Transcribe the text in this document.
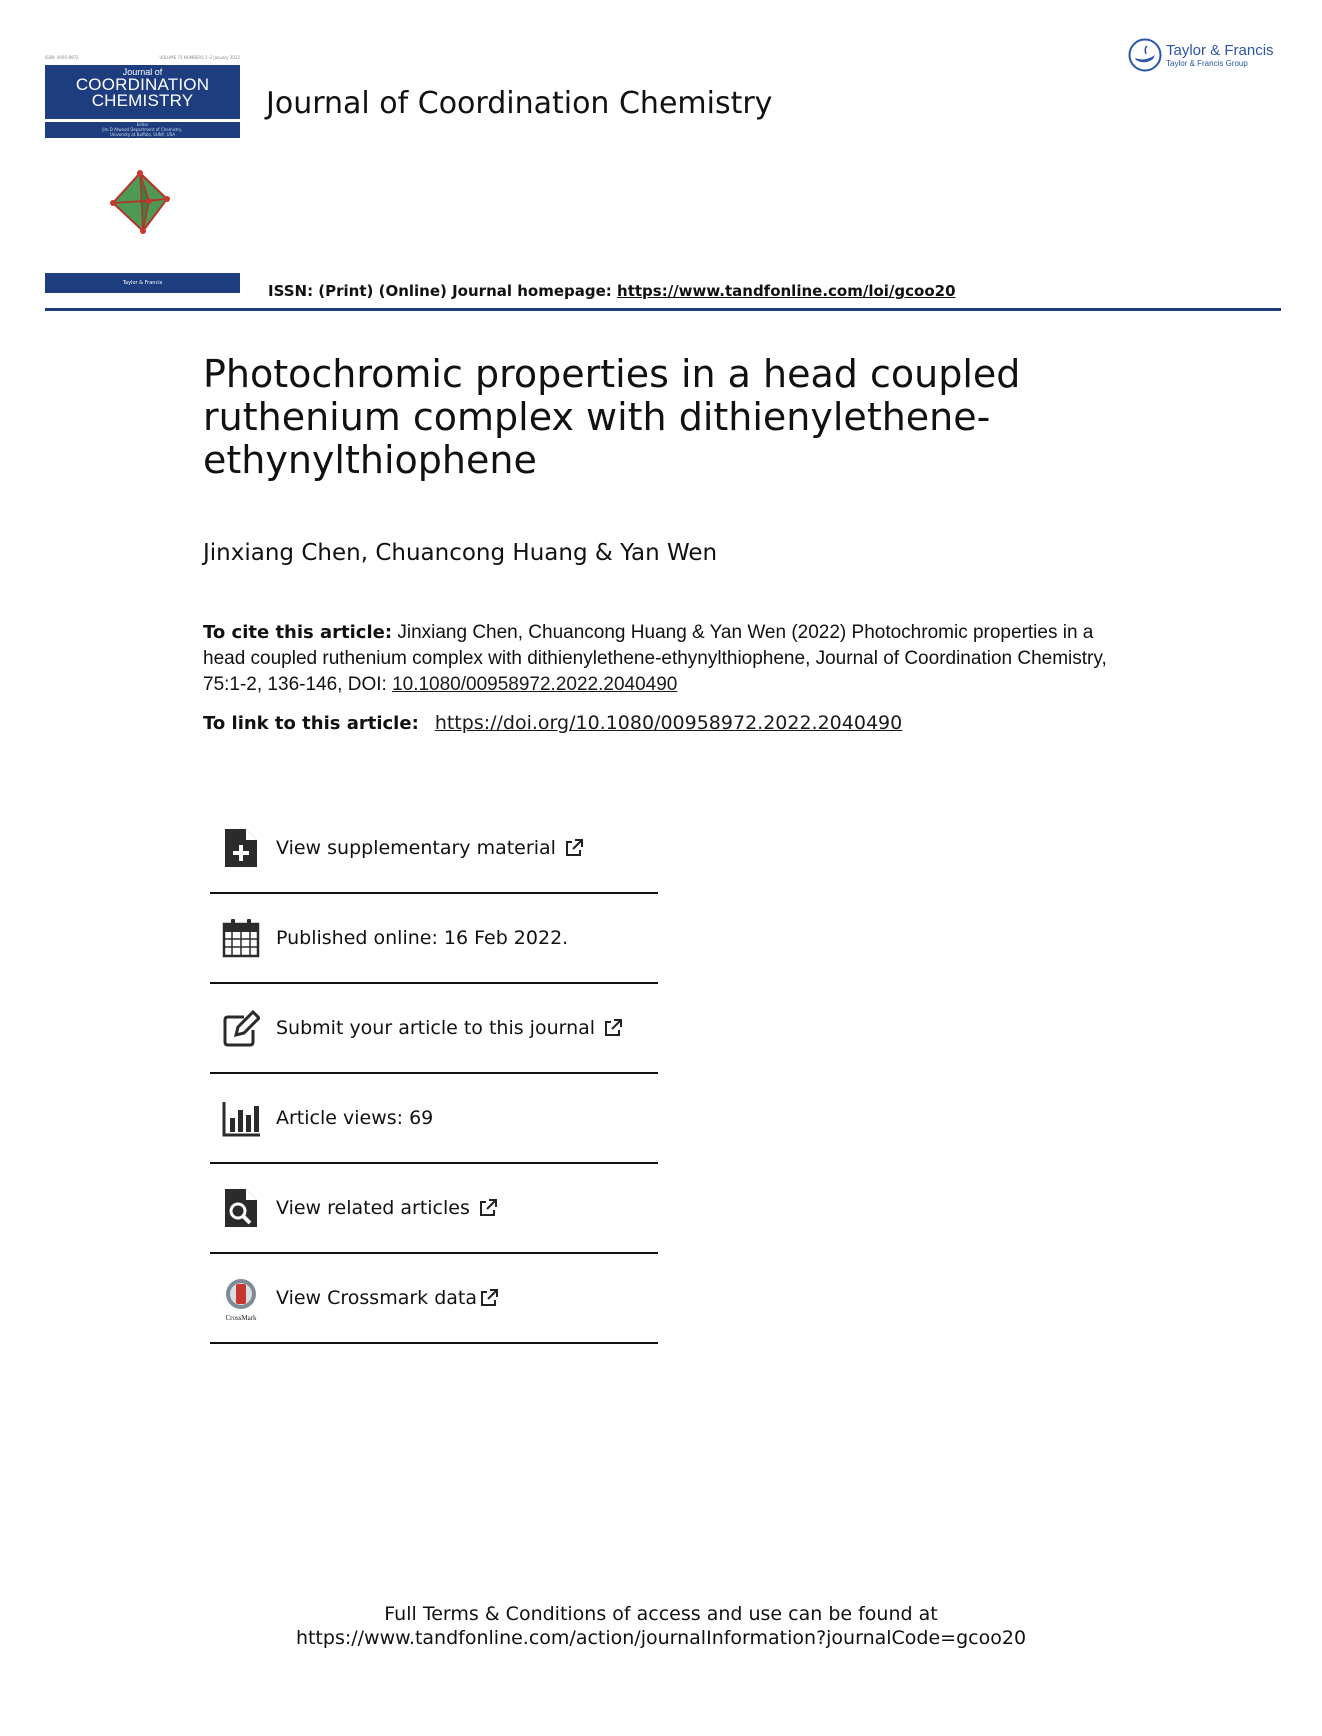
ISSN: 0095-8972	VOLUME 75 NUMBERS 1–2 January 2022
Journal of
COORDINATION
CHEMISTRY
Editor
Jim D Atwood Department of Chemistry,
University at Buffalo, SUNY, USA
Taylor & Francis
Journal of Coordination Chemistry
Taylor & Francis
Taylor & Francis Group
ISSN: (Print) (Online) Journal homepage: https://www.tandfonline.com/loi/gcoo20
Photochromic properties in a head coupled ruthenium complex with dithienylethene-ethynylthiophene
Jinxiang Chen, Chuancong Huang & Yan Wen
To cite this article: Jinxiang Chen, Chuancong Huang & Yan Wen (2022) Photochromic properties in a head coupled ruthenium complex with dithienylethene-ethynylthiophene, Journal of Coordination Chemistry, 75:1-2, 136-146, DOI: 10.1080/00958972.2022.2040490
To link to this article: https://doi.org/10.1080/00958972.2022.2040490
View supplementary material
Published online: 16 Feb 2022.
Submit your article to this journal
Article views: 69
View related articles
CrossMark
View Crossmark data
Full Terms & Conditions of access and use can be found at
https://www.tandfonline.com/action/journalInformation?journalCode=gcoo20
